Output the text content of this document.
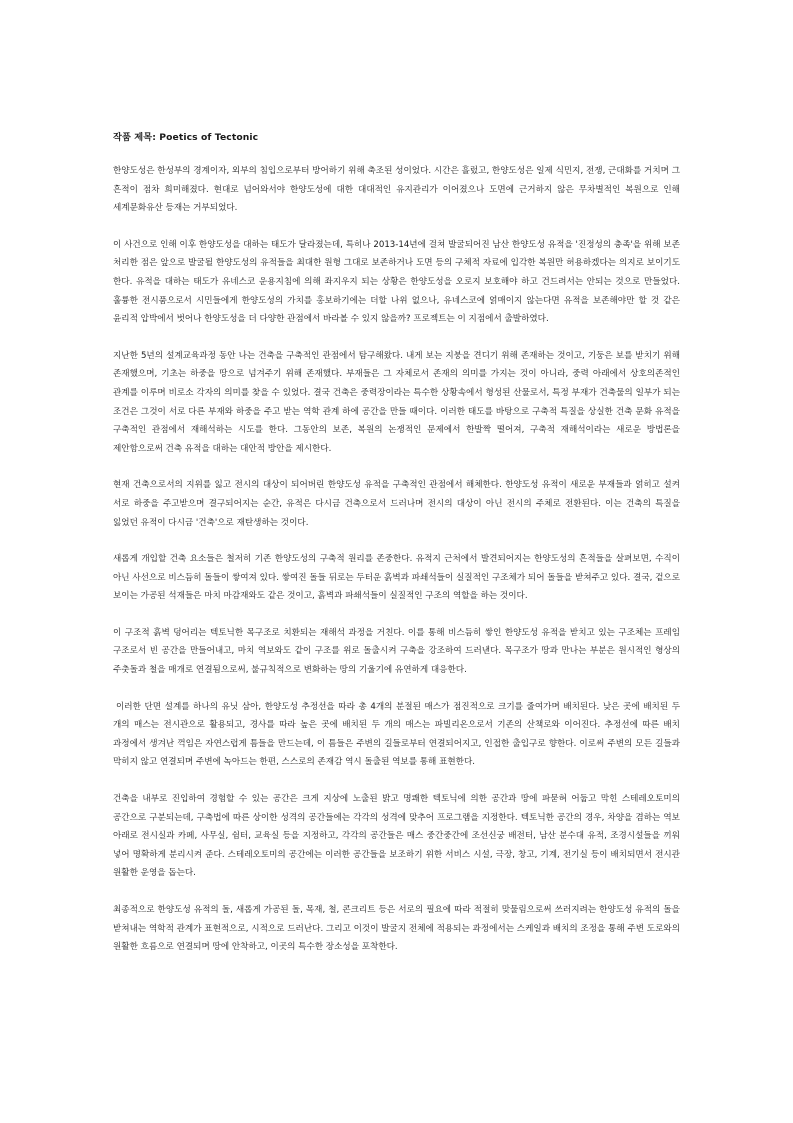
작품 제목: Poetics of Tectonic

한양도성은 한성부의 경계이자, 외부의 침입으로부터 방어하기 위해 축조된 성이었다. 시간은 흘렀고, 한양도성은 일제 식민지, 전쟁, 근대화를 거치며 그 흔적이 점차 희미해졌다. 현대로 넘어와서야 한양도성에 대한 대대적인 유지관리가 이어졌으나 도면에 근거하지 않은 무차별적인 복원으로 인해 세계문화유산 등재는 거부되었다.

이 사건으로 인해 이후 한양도성을 대하는 태도가 달라졌는데, 특히나 2013-14년에 걸쳐 발굴되어진 남산 한양도성 유적을 '진정성의 충족'을 위해 보존 처리한 점은 앞으로 발굴될 한양도성의 유적들을 최대한 원형 그대로 보존하거나 도면 등의 구체적 자료에 입각한 복원만 허용하겠다는 의지로 보이기도 한다. 유적을 대하는 태도가 유네스코 운용지침에 의해 좌지우지 되는 상황은 한양도성을 오로지 보호해야 하고 건드려서는 안되는 것으로 만들었다. 훌륭한 전시품으로서 시민들에게 한양도성의 가치를 홍보하기에는 더할 나위 없으나, 유네스코에 얽매이지 않는다면 유적을 보존해야만 할 것 같은 윤리적 압박에서 벗어나 한양도성을 더 다양한 관점에서 바라볼 수 있지 않을까? 프로젝트는 이 지점에서 출발하였다.

지난한 5년의 설계교육과정 동안 나는 건축을 구축적인 관점에서 탐구해왔다. 내게 보는 지붕을 견디기 위해 존재하는 것이고, 기둥은 보를 받치기 위해 존재했으며, 기초는 하중을 땅으로 넘겨주기 위해 존재했다. 부재들은 그 자체로서 존재의 의미를 가지는 것이 아니라, 중력 아래에서 상호의존적인 관계를 이루며 비로소 각자의 의미를 찾을 수 있었다. 결국 건축은 중력장이라는 특수한 상황속에서 형성된 산물로서, 특정 부재가 건축물의 일부가 되는 조건은 그것이 서로 다른 부재와 하중을 주고 받는 역학 관계 하에 공간을 만들 때이다. 이러한 태도를 바탕으로 구축적 특질을 상실한 건축 문화 유적을 구축적인 관점에서 재해석하는 시도를 한다. 그동안의 보존, 복원의 논쟁적인 문제에서 한발짝 떨어져, 구축적 재해석이라는 새로운 방법론을 제안함으로써 건축 유적을 대하는 대안적 방안을 제시한다.

현재 건축으로서의 지위를 잃고 전시의 대상이 되어버린 한양도성 유적을 구축적인 관점에서 해체한다. 한양도성 유적이 새로운 부재들과 얽히고 설켜 서로 하중을 주고받으며 결구되어지는 순간, 유적은 다시금 건축으로서 드러나며 전시의 대상이 아닌 전시의 주체로 전환된다. 이는 건축의 특질을 잃었던 유적이 다시금 '건축'으로 재탄생하는 것이다.

새롭게 개입할 건축 요소들은 철저히 기존 한양도성의 구축적 원리를 존중한다. 유적지 근처에서 발견되어지는 한양도성의 흔적들을 살펴보면, 수직이 아닌 사선으로 비스듬히 돌들이 쌓여져 있다. 쌓여진 돌들 뒤로는 두터운 흙벽과 파쇄석들이 실질적인 구조체가 되어 돌들을 받쳐주고 있다. 결국, 겉으로 보이는 가공된 석재들은 마치 마감재와도 같은 것이고, 흙벽과 파쇄석들이 실질적인 구조의 역할을 하는 것이다.

이 구조적 흙벽 덩어리는 텍토닉한 목구조로 치환되는 재해석 과정을 거친다. 이를 통해 비스듬히 쌓인 한양도성 유적을 받치고 있는 구조체는 프레임 구조로서 빈 공간을 만들어내고, 마치 역보와도 같이 구조를 위로 돌출시켜 구축을 강조하여 드러낸다. 목구조가 땅과 만나는 부분은 원시적인 형상의 주춧돌과 철을 매개로 연결됨으로써, 불규칙적으로 변화하는 땅의 기울기에 유연하게 대응한다.

이러한 단면 설계를 하나의 유닛 삼아, 한양도성 추정선을 따라 총 4개의 분절된 매스가 점진적으로 크기를 줄여가며 배치된다. 낮은 곳에 배치된 두 개의 매스는 전시관으로 활용되고, 경사를 따라 높은 곳에 배치된 두 개의 매스는 파빌리온으로서 기존의 산책로와 이어진다. 추정선에 따른 배치 과정에서 생겨난 꺽임은 자연스럽게 틈들을 만드는데, 이 틈들은 주변의 길들로부터 연결되어지고, 인접한 출입구로 향한다. 이로써 주변의 모든 길들과 막히지 않고 연결되며 주변에 녹아드는 한편, 스스로의 존재감 역시 돌출된 역보를 통해 표현한다.

건축을 내부로 진입하여 경험할 수 있는 공간은 크게 지상에 노출된 밝고 명쾌한 텍토닉에 의한 공간과 땅에 파묻혀 어둡고 막힌 스테레오토미의 공간으로 구분되는데, 구축법에 따른 상이한 성격의 공간들에는 각각의 성격에 맞추어 프로그램을 지정한다. 텍토닉한 공간의 경우, 차양을 겸하는 역보 아래로 전시실과 카페, 사무실, 쉼터, 교육실 등을 지정하고, 각각의 공간들은 매스 중간중간에 조선신궁 배전터, 남산 분수대 유적, 조경시설들을 끼워 넣어 명확하게 분리시켜 준다. 스테레오토미의 공간에는 이러한 공간들을 보조하기 위한 서비스 시설, 극장, 창고, 기계, 전기실 등이 배치되면서 전시관 원활한 운영을 돕는다.

최종적으로 한양도성 유적의 돌, 새롭게 가공된 돌, 목재, 철, 콘크리트 등은 서로의 필요에 따라 적절히 맞물림으로써 쓰러지려는 한양도성 유적의 돌을 받쳐내는 역학적 관계가 표현적으로, 시적으로 드러난다. 그리고 이것이 발굴지 전체에 적용되는 과정에서는 스케일과 배치의 조정을 통해 주변 도로와의 원활한 흐름으로 연결되며 땅에 안착하고, 이곳의 특수한 장소성을 포착한다.
